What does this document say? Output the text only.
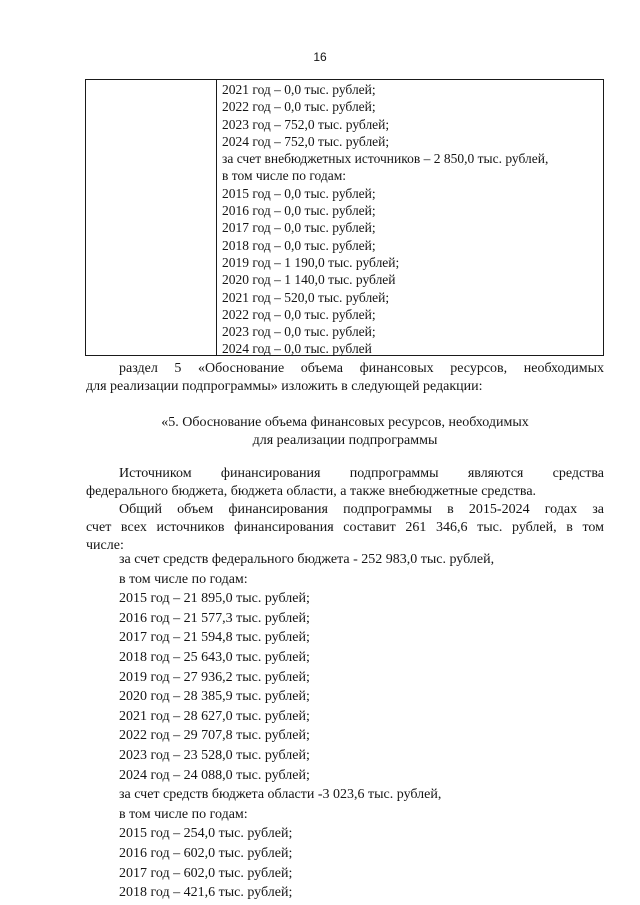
16
2021 год – 0,0 тыс. рублей;
2022 год – 0,0 тыс. рублей;
2023 год – 752,0 тыс. рублей;
2024 год – 752,0 тыс. рублей;
за счет внебюджетных источников – 2 850,0 тыс. рублей,
в том числе по годам:
2015 год – 0,0 тыс. рублей;
2016 год – 0,0 тыс. рублей;
2017 год – 0,0 тыс. рублей;
2018 год – 0,0 тыс. рублей;
2019 год – 1 190,0 тыс. рублей;
2020 год – 1 140,0 тыс. рублей
2021 год – 520,0 тыс. рублей;
2022 год – 0,0 тыс. рублей;
2023 год – 0,0 тыс. рублей;
2024 год – 0,0 тыс. рублей
раздел 5 «Обоснование объема финансовых ресурсов, необходимых
для реализации подпрограммы» изложить в следующей редакции:
«5. Обоснование объема финансовых ресурсов, необходимых
для реализации подпрограммы
Источником финансирования подпрограммы являются средства
федерального бюджета, бюджета области, а также внебюджетные средства.
Общий объем финансирования подпрограммы в 2015-2024 годах за
счет всех источников финансирования составит 261 346,6 тыс. рублей, в том
числе:
за счет средств федерального бюджета - 252 983,0 тыс. рублей,
в том числе по годам:
2015 год – 21 895,0 тыс. рублей;
2016 год – 21 577,3 тыс. рублей;
2017 год – 21 594,8 тыс. рублей;
2018 год – 25 643,0 тыс. рублей;
2019 год – 27 936,2 тыс. рублей;
2020 год – 28 385,9 тыс. рублей;
2021 год – 28 627,0 тыс. рублей;
2022 год – 29 707,8 тыс. рублей;
2023 год – 23 528,0 тыс. рублей;
2024 год – 24 088,0 тыс. рублей;
за счет средств бюджета области -3 023,6 тыс. рублей,
в том числе по годам:
2015 год – 254,0 тыс. рублей;
2016 год – 602,0 тыс. рублей;
2017 год – 602,0 тыс. рублей;
2018 год – 421,6 тыс. рублей;
